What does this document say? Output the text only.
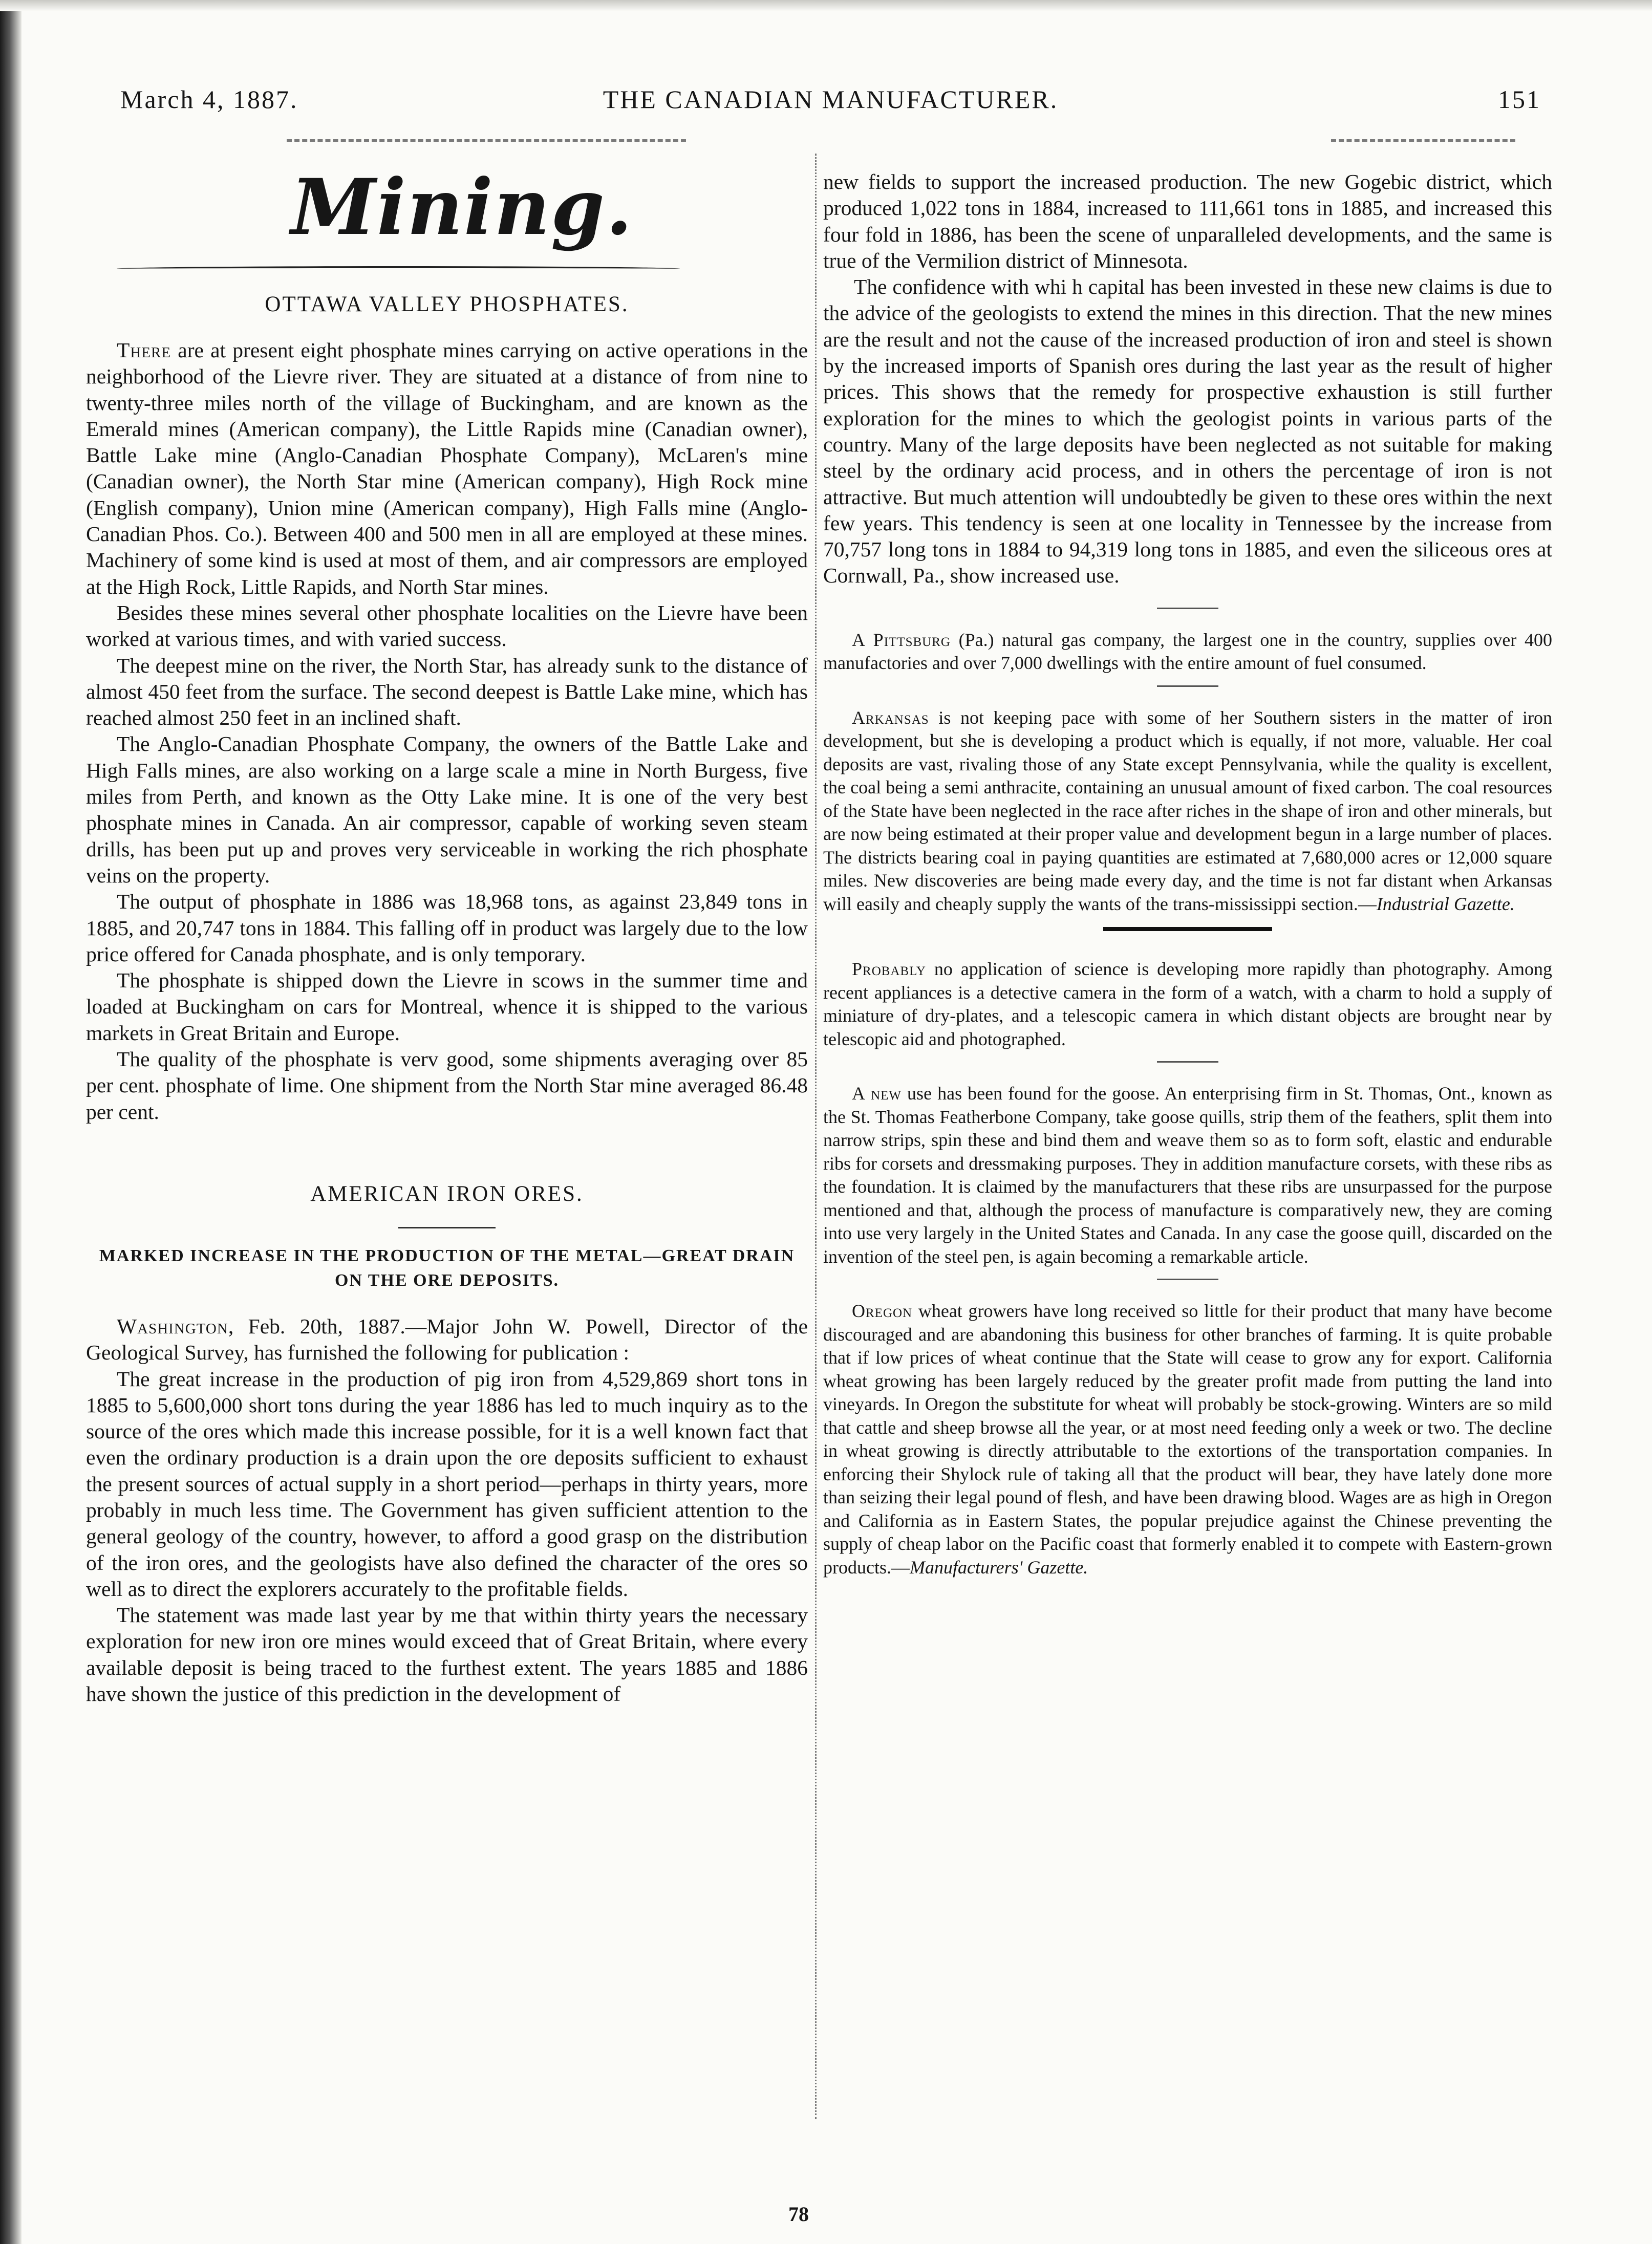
March 4, 1887.	THE CANADIAN MANUFACTURER.	151
Mining.
OTTAWA VALLEY PHOSPHATES.

There are at present eight phosphate mines carrying on active operations in the neighborhood of the Lievre river. They are situated at a distance of from nine to twenty-three miles north of the village of Buckingham, and are known as the Emerald mines (American company), the Little Rapids mine (Canadian owner), Battle Lake mine (Anglo-Canadian Phosphate Company), McLaren's mine (Canadian owner), the North Star mine (American company), High Rock mine (English company), Union mine (American company), High Falls mine (Anglo-Canadian Phos. Co.). Between 400 and 500 men in all are employed at these mines. Machinery of some kind is used at most of them, and air compressors are employed at the High Rock, Little Rapids, and North Star mines.

Besides these mines several other phosphate localities on the Lievre have been worked at various times, and with varied success.

The deepest mine on the river, the North Star, has already sunk to the distance of almost 450 feet from the surface. The second deepest is Battle Lake mine, which has reached almost 250 feet in an inclined shaft.

The Anglo-Canadian Phosphate Company, the owners of the Battle Lake and High Falls mines, are also working on a large scale a mine in North Burgess, five miles from Perth, and known as the Otty Lake mine. It is one of the very best phosphate mines in Canada. An air compressor, capable of working seven steam drills, has been put up and proves very serviceable in working the rich phosphate veins on the property.

The output of phosphate in 1886 was 18,968 tons, as against 23,849 tons in 1885, and 20,747 tons in 1884. This falling off in product was largely due to the low price offered for Canada phosphate, and is only temporary.

The phosphate is shipped down the Lievre in scows in the summer time and loaded at Buckingham on cars for Montreal, whence it is shipped to the various markets in Great Britain and Europe.

The quality of the phosphate is verv good, some shipments averaging over 85 per cent. phosphate of lime. One shipment from the North Star mine averaged 86.48 per cent.

AMERICAN IRON ORES.
MARKED INCREASE IN THE PRODUCTION OF THE METAL—GREAT DRAIN ON THE ORE DEPOSITS.

Washington, Feb. 20th, 1887.—Major John W. Powell, Director of the Geological Survey, has furnished the following for publication :

The great increase in the production of pig iron from 4,529,869 short tons in 1885 to 5,600,000 short tons during the year 1886 has led to much inquiry as to the source of the ores which made this increase possible, for it is a well known fact that even the ordinary production is a drain upon the ore deposits sufficient to exhaust the present sources of actual supply in a short period—perhaps in thirty years, more probably in much less time. The Government has given sufficient attention to the general geology of the country, however, to afford a good grasp on the distribution of the iron ores, and the geologists have also defined the character of the ores so well as to direct the explorers accurately to the profitable fields.

The statement was made last year by me that within thirty years the necessary exploration for new iron ore mines would exceed that of Great Britain, where every available deposit is being traced to the furthest extent. The years 1885 and 1886 have shown the justice of this prediction in the development of

new fields to support the increased production. The new Gogebic district, which produced 1,022 tons in 1884, increased to 111,661 tons in 1885, and increased this four fold in 1886, has been the scene of unparalleled developments, and the same is true of the Vermilion district of Minnesota.

The confidence with whi h capital has been invested in these new claims is due to the advice of the geologists to extend the mines in this direction. That the new mines are the result and not the cause of the increased production of iron and steel is shown by the increased imports of Spanish ores during the last year as the result of higher prices. This shows that the remedy for prospective exhaustion is still further exploration for the mines to which the geologist points in various parts of the country. Many of the large deposits have been neglected as not suitable for making steel by the ordinary acid process, and in others the percentage of iron is not attractive. But much attention will undoubtedly be given to these ores within the next few years. This tendency is seen at one locality in Tennessee by the increase from 70,757 long tons in 1884 to 94,319 long tons in 1885, and even the siliceous ores at Cornwall, Pa., show increased use.

A Pittsburg (Pa.) natural gas company, the largest one in the country, supplies over 400 manufactories and over 7,000 dwellings with the entire amount of fuel consumed.

Arkansas is not keeping pace with some of her Southern sisters in the matter of iron development, but she is developing a product which is equally, if not more, valuable. Her coal deposits are vast, rivaling those of any State except Pennsylvania, while the quality is excellent, the coal being a semi anthracite, containing an unusual amount of fixed carbon. The coal resources of the State have been neglected in the race after riches in the shape of iron and other minerals, but are now being estimated at their proper value and development begun in a large number of places. The districts bearing coal in paying quantities are estimated at 7,680,000 acres or 12,000 square miles. New discoveries are being made every day, and the time is not far distant when Arkansas will easily and cheaply supply the wants of the trans-mississippi section.—Industrial Gazette.

Probably no application of science is developing more rapidly than photography. Among recent appliances is a detective camera in the form of a watch, with a charm to hold a supply of miniature of dry-plates, and a telescopic camera in which distant objects are brought near by telescopic aid and photographed.

A new use has been found for the goose. An enterprising firm in St. Thomas, Ont., known as the St. Thomas Featherbone Company, take goose quills, strip them of the feathers, split them into narrow strips, spin these and bind them and weave them so as to form soft, elastic and endurable ribs for corsets and dressmaking purposes. They in addition manufacture corsets, with these ribs as the foundation. It is claimed by the manufacturers that these ribs are unsurpassed for the purpose mentioned and that, although the process of manufacture is comparatively new, they are coming into use very largely in the United States and Canada. In any case the goose quill, discarded on the invention of the steel pen, is again becoming a remarkable article.

Oregon wheat growers have long received so little for their product that many have become discouraged and are abandoning this business for other branches of farming. It is quite probable that if low prices of wheat continue that the State will cease to grow any for export. California wheat growing has been largely reduced by the greater profit made from putting the land into vineyards. In Oregon the substitute for wheat will probably be stock-growing. Winters are so mild that cattle and sheep browse all the year, or at most need feeding only a week or two. The decline in wheat growing is directly attributable to the extortions of the transportation companies. In enforcing their Shylock rule of taking all that the product will bear, they have lately done more than seizing their legal pound of flesh, and have been drawing blood. Wages are as high in Oregon and California as in Eastern States, the popular prejudice against the Chinese preventing the supply of cheap labor on the Pacific coast that formerly enabled it to compete with Eastern-grown products.—Manufacturers' Gazette.

78
